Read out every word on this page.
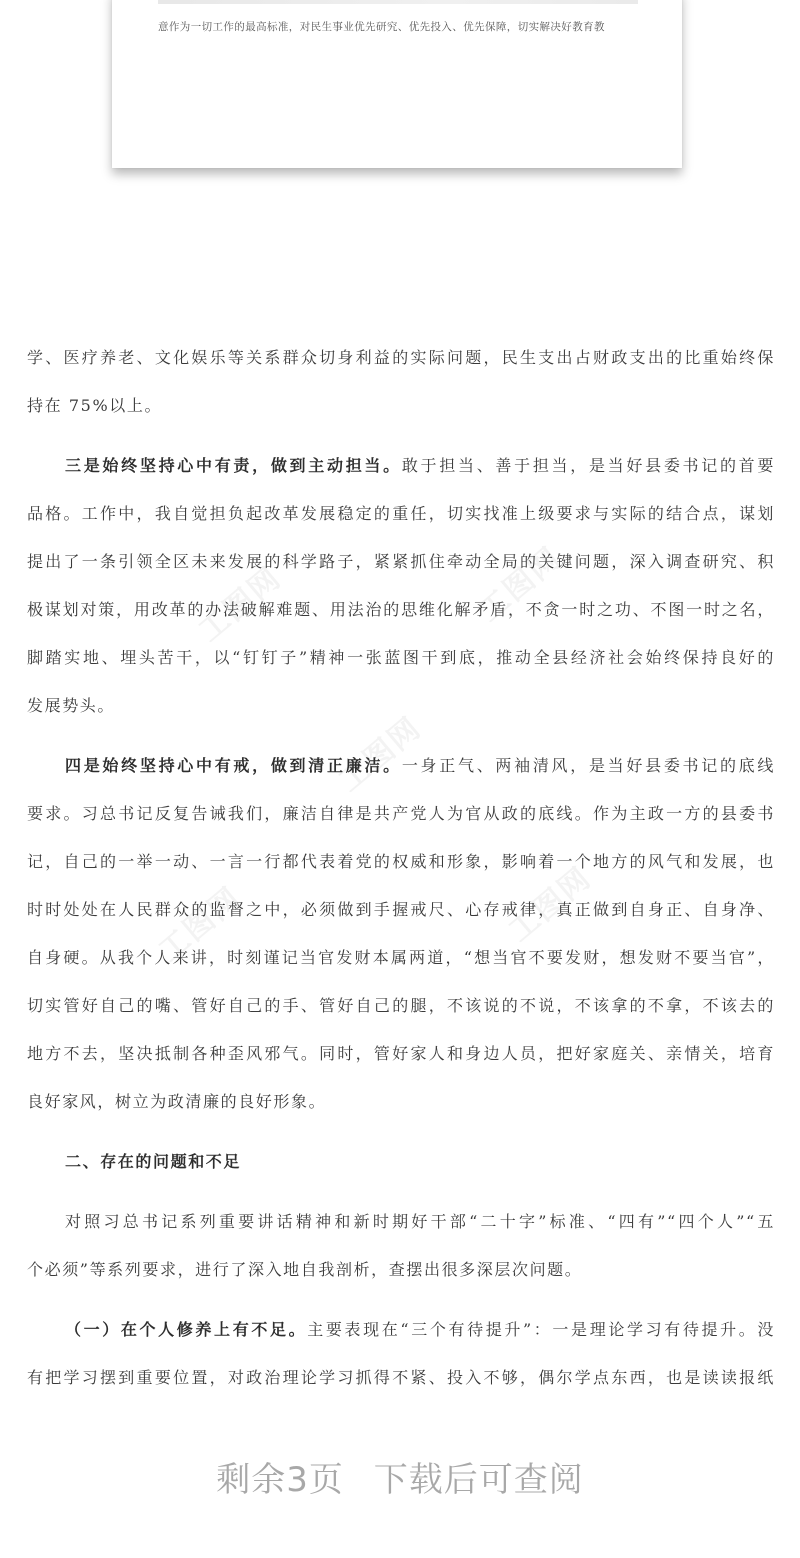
意作为一切工作的最高标准，对民生事业优先研究、优先投入、优先保障，切实解决好教育教
工图网	工图网
工图网
工图网	工图网
学、医疗养老、文化娱乐等关系群众切身利益的实际问题，民生支出占财政支出的比重始终保
持在 75%以上。
三是始终坚持心中有责，做到主动担当。敢于担当、善于担当，是当好县委书记的首要
品格。工作中，我自觉担负起改革发展稳定的重任，切实找准上级要求与实际的结合点，谋划
提出了一条引领全区未来发展的科学路子，紧紧抓住牵动全局的关键问题，深入调查研究、积
极谋划对策，用改革的办法破解难题、用法治的思维化解矛盾，不贪一时之功、不图一时之名，
脚踏实地、埋头苦干，以“钉钉子”精神一张蓝图干到底，推动全县经济社会始终保持良好的
发展势头。
四是始终坚持心中有戒，做到清正廉洁。一身正气、两袖清风，是当好县委书记的底线
要求。习总书记反复告诫我们，廉洁自律是共产党人为官从政的底线。作为主政一方的县委书
记，自己的一举一动、一言一行都代表着党的权威和形象，影响着一个地方的风气和发展，也
时时处处在人民群众的监督之中，必须做到手握戒尺、心存戒律，真正做到自身正、自身净、
自身硬。从我个人来讲，时刻谨记当官发财本属两道，“想当官不要发财，想发财不要当官”，
切实管好自己的嘴、管好自己的手、管好自己的腿，不该说的不说，不该拿的不拿，不该去的
地方不去，坚决抵制各种歪风邪气。同时，管好家人和身边人员，把好家庭关、亲情关，培育
良好家风，树立为政清廉的良好形象。
二、存在的问题和不足
对照习总书记系列重要讲话精神和新时期好干部“二十字”标准、“四有”“四个人”“五
个必须”等系列要求，进行了深入地自我剖析，查摆出很多深层次问题。
（一）在个人修养上有不足。主要表现在“三个有待提升”：一是理论学习有待提升。没
有把学习摆到重要位置，对政治理论学习抓得不紧、投入不够，偶尔学点东西，也是读读报纸
剩余3页 下载后可查阅
